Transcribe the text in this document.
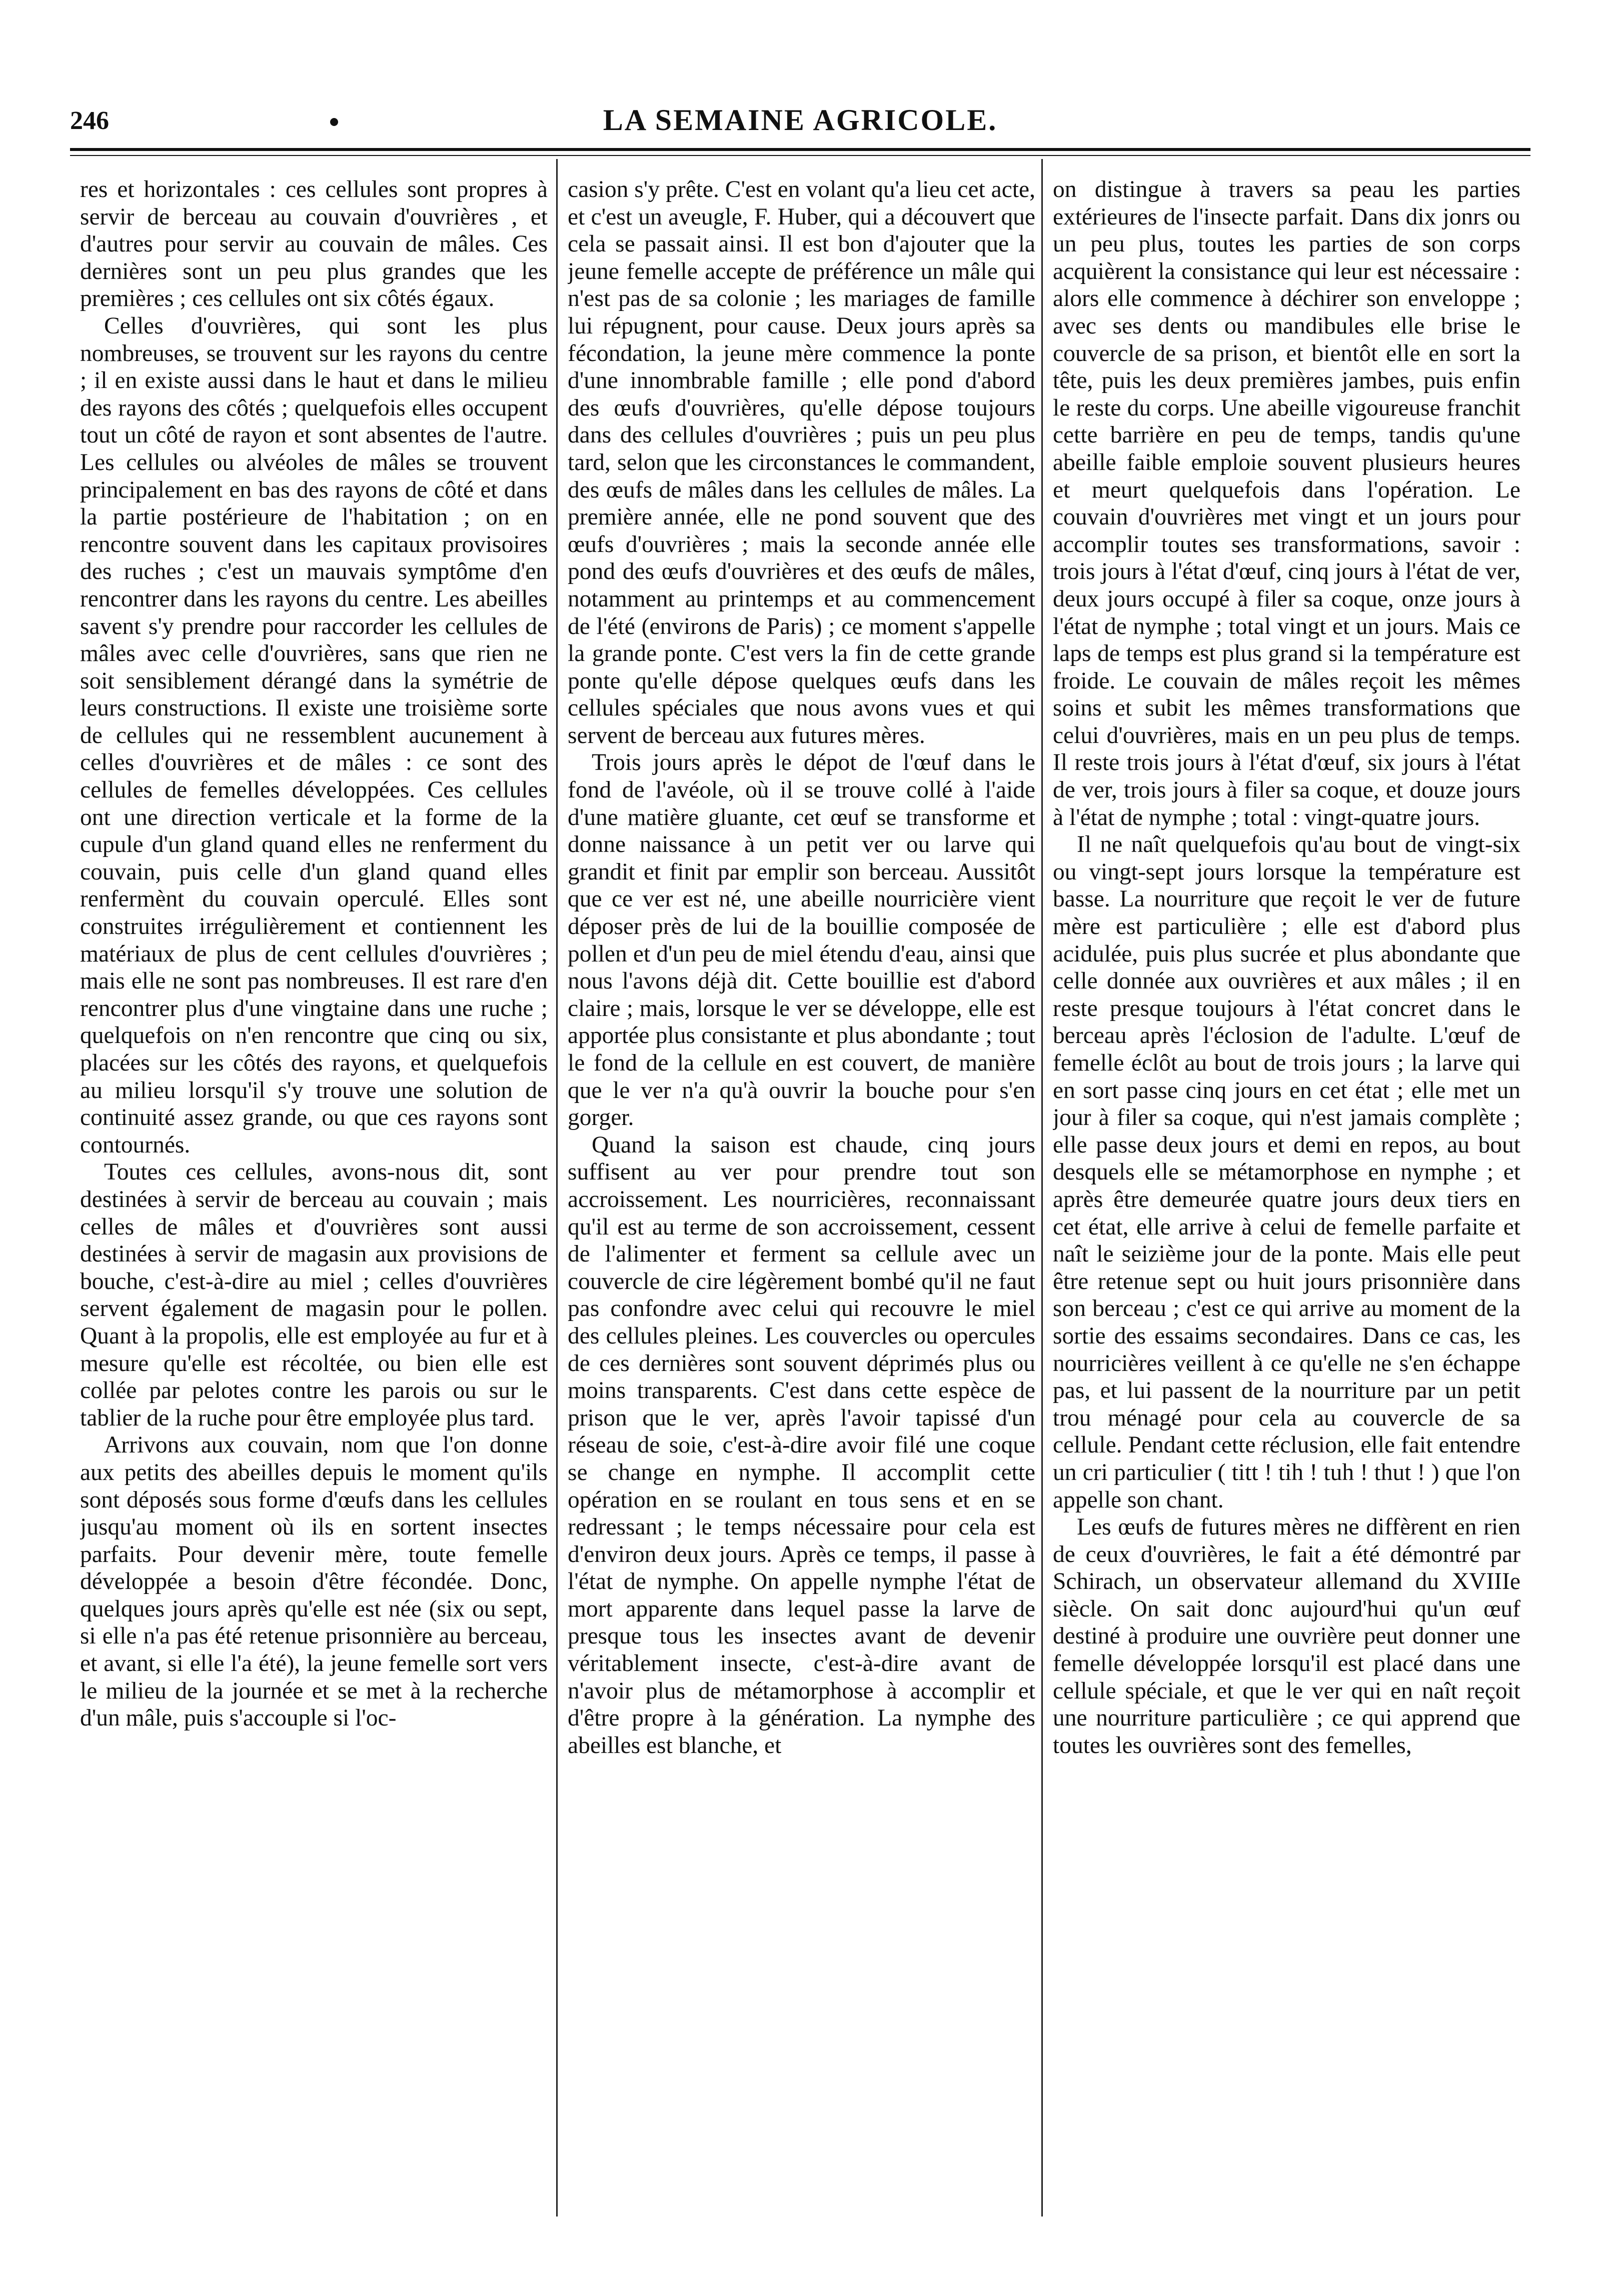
246	LA SEMAINE AGRICOLE.

res et horizontales : ces cellules sont propres à servir de berceau au couvain d'ouvrières , et d'autres pour servir au couvain de mâles. Ces dernières sont un peu plus grandes que les premières ; ces cellules ont six côtés égaux.

Celles d'ouvrières, qui sont les plus nombreuses, se trouvent sur les rayons du centre ; il en existe aussi dans le haut et dans le milieu des rayons des côtés ; quelquefois elles occupent tout un côté de rayon et sont absentes de l'autre. Les cellules ou alvéoles de mâles se trouvent principalement en bas des rayons de côté et dans la partie postérieure de l'habitation ; on en rencontre souvent dans les capitaux provisoires des ruches ; c'est un mauvais symptôme d'en rencontrer dans les rayons du centre. Les abeilles savent s'y prendre pour raccorder les cellules de mâles avec celle d'ouvrières, sans que rien ne soit sensiblement dérangé dans la symétrie de leurs constructions. Il existe une troisième sorte de cellules qui ne ressemblent aucunement à celles d'ouvrières et de mâles : ce sont des cellules de femelles développées. Ces cellules ont une direction verticale et la forme de la cupule d'un gland quand elles ne renferment du couvain, puis celle d'un gland quand elles renfermènt du couvain operculé. Elles sont construites irrégulièrement et contiennent les matériaux de plus de cent cellules d'ouvrières ; mais elle ne sont pas nombreuses. Il est rare d'en rencontrer plus d'une vingtaine dans une ruche ; quelquefois on n'en rencontre que cinq ou six, placées sur les côtés des rayons, et quelquefois au milieu lorsqu'il s'y trouve une solution de continuité assez grande, ou que ces rayons sont contournés.

Toutes ces cellules, avons-nous dit, sont destinées à servir de berceau au couvain ; mais celles de mâles et d'ouvrières sont aussi destinées à servir de magasin aux provisions de bouche, c'est-à-dire au miel ; celles d'ouvrières servent également de magasin pour le pollen. Quant à la propolis, elle est employée au fur et à mesure qu'elle est récoltée, ou bien elle est collée par pelotes contre les parois ou sur le tablier de la ruche pour être employée plus tard.

Arrivons aux couvain, nom que l'on donne aux petits des abeilles depuis le moment qu'ils sont déposés sous forme d'œufs dans les cellules jusqu'au moment où ils en sortent insectes parfaits. Pour devenir mère, toute femelle développée a besoin d'être fécondée. Donc, quelques jours après qu'elle est née (six ou sept, si elle n'a pas été retenue prisonnière au berceau, et avant, si elle l'a été), la jeune femelle sort vers le milieu de la journée et se met à la recherche d'un mâle, puis s'accouple si l'oc-

casion s'y prête. C'est en volant qu'a lieu cet acte, et c'est un aveugle, F. Huber, qui a découvert que cela se passait ainsi. Il est bon d'ajouter que la jeune femelle accepte de préférence un mâle qui n'est pas de sa colonie ; les mariages de famille lui répugnent, pour cause. Deux jours après sa fécondation, la jeune mère commence la ponte d'une innombrable famille ; elle pond d'abord des œufs d'ouvrières, qu'elle dépose toujours dans des cellules d'ouvrières ; puis un peu plus tard, selon que les circonstances le commandent, des œufs de mâles dans les cellules de mâles. La première année, elle ne pond souvent que des œufs d'ouvrières ; mais la seconde année elle pond des œufs d'ouvrières et des œufs de mâles, notamment au printemps et au commencement de l'été (environs de Paris) ; ce moment s'appelle la grande ponte. C'est vers la fin de cette grande ponte qu'elle dépose quelques œufs dans les cellules spéciales que nous avons vues et qui servent de berceau aux futures mères.

Trois jours après le dépot de l'œuf dans le fond de l'avéole, où il se trouve collé à l'aide d'une matière gluante, cet œuf se transforme et donne naissance à un petit ver ou larve qui grandit et finit par emplir son berceau. Aussitôt que ce ver est né, une abeille nourricière vient déposer près de lui de la bouillie composée de pollen et d'un peu de miel étendu d'eau, ainsi que nous l'avons déjà dit. Cette bouillie est d'abord claire ; mais, lorsque le ver se développe, elle est apportée plus consistante et plus abondante ; tout le fond de la cellule en est couvert, de manière que le ver n'a qu'à ouvrir la bouche pour s'en gorger.

Quand la saison est chaude, cinq jours suffisent au ver pour prendre tout son accroissement. Les nourricières, reconnaissant qu'il est au terme de son accroissement, cessent de l'alimenter et ferment sa cellule avec un couvercle de cire légèrement bombé qu'il ne faut pas confondre avec celui qui recouvre le miel des cellules pleines. Les couvercles ou opercules de ces dernières sont souvent déprimés plus ou moins transparents. C'est dans cette espèce de prison que le ver, après l'avoir tapissé d'un réseau de soie, c'est-à-dire avoir filé une coque se change en nymphe. Il accomplit cette opération en se roulant en tous sens et en se redressant ; le temps nécessaire pour cela est d'environ deux jours. Après ce temps, il passe à l'état de nymphe. On appelle nymphe l'état de mort apparente dans lequel passe la larve de presque tous les insectes avant de devenir véritablement insecte, c'est-à-dire avant de n'avoir plus de métamorphose à accomplir et d'être propre à la génération. La nymphe des abeilles est blanche, et

on distingue à travers sa peau les parties extérieures de l'insecte parfait. Dans dix jonrs ou un peu plus, toutes les parties de son corps acquièrent la consistance qui leur est nécessaire : alors elle commence à déchirer son enveloppe ; avec ses dents ou mandibules elle brise le couvercle de sa prison, et bientôt elle en sort la tête, puis les deux premières jambes, puis enfin le reste du corps. Une abeille vigoureuse franchit cette barrière en peu de temps, tandis qu'une abeille faible emploie souvent plusieurs heures et meurt quelquefois dans l'opération. Le couvain d'ouvrières met vingt et un jours pour accomplir toutes ses transformations, savoir : trois jours à l'état d'œuf, cinq jours à l'état de ver, deux jours occupé à filer sa coque, onze jours à l'état de nymphe ; total vingt et un jours. Mais ce laps de temps est plus grand si la température est froide. Le couvain de mâles reçoit les mêmes soins et subit les mêmes transformations que celui d'ouvrières, mais en un peu plus de temps. Il reste trois jours à l'état d'œuf, six jours à l'état de ver, trois jours à filer sa coque, et douze jours à l'état de nymphe ; total : vingt-quatre jours.

Il ne naît quelquefois qu'au bout de vingt-six ou vingt-sept jours lorsque la température est basse. La nourriture que reçoit le ver de future mère est particulière ; elle est d'abord plus acidulée, puis plus sucrée et plus abondante que celle donnée aux ouvrières et aux mâles ; il en reste presque toujours à l'état concret dans le berceau après l'éclosion de l'adulte. L'œuf de femelle éclôt au bout de trois jours ; la larve qui en sort passe cinq jours en cet état ; elle met un jour à filer sa coque, qui n'est jamais complète ; elle passe deux jours et demi en repos, au bout desquels elle se métamorphose en nymphe ; et après être demeurée quatre jours deux tiers en cet état, elle arrive à celui de femelle parfaite et naît le seizième jour de la ponte. Mais elle peut être retenue sept ou huit jours prisonnière dans son berceau ; c'est ce qui arrive au moment de la sortie des essaims secondaires. Dans ce cas, les nourricières veillent à ce qu'elle ne s'en échappe pas, et lui passent de la nourriture par un petit trou ménagé pour cela au couvercle de sa cellule. Pendant cette réclusion, elle fait entendre un cri particulier ( titt ! tih ! tuh ! thut ! ) que l'on appelle son chant.

Les œufs de futures mères ne diffèrent en rien de ceux d'ouvrières, le fait a été démontré par Schirach, un observateur allemand du XVIIIe siècle. On sait donc aujourd'hui qu'un œuf destiné à produire une ouvrière peut donner une femelle développée lorsqu'il est placé dans une cellule spéciale, et que le ver qui en naît reçoit une nourriture particulière ; ce qui apprend que toutes les ouvrières sont des femelles,
